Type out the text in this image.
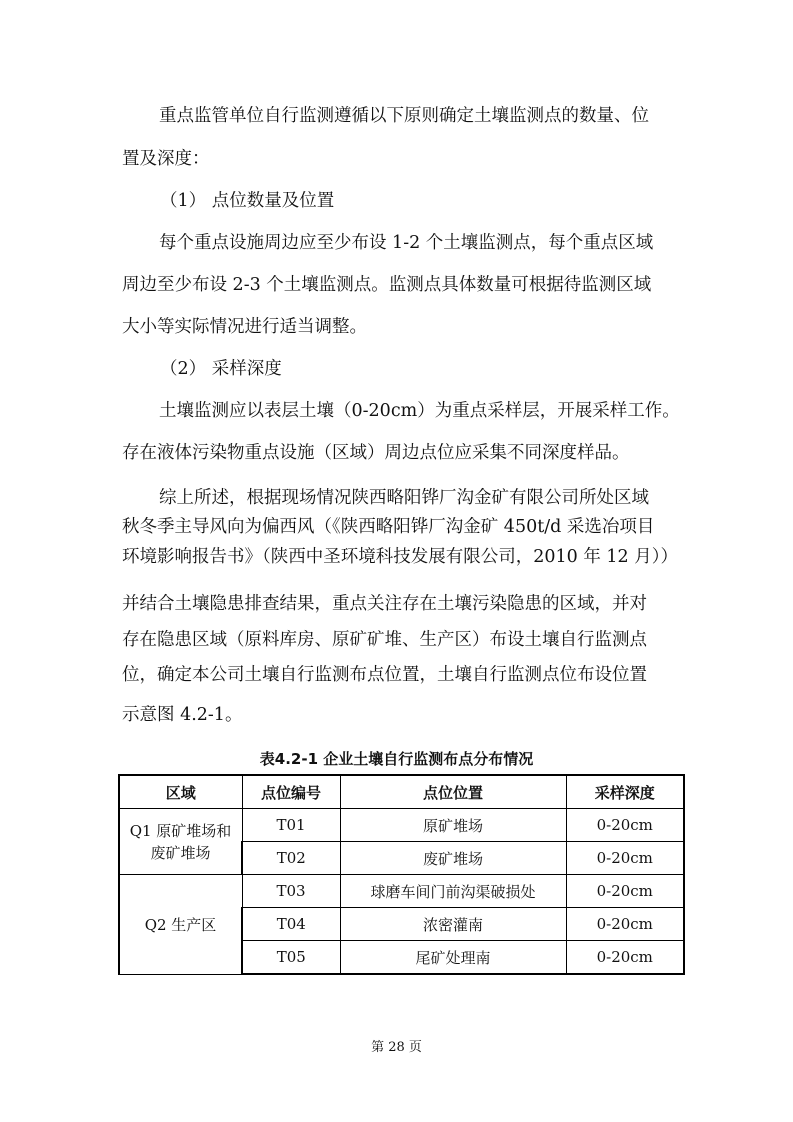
重点监管单位自行监测遵循以下原则确定土壤监测点的数量、位
置及深度：
（1） 点位数量及位置
每个重点设施周边应至少布设 1-2 个土壤监测点，每个重点区域
周边至少布设 2-3 个土壤监测点。监测点具体数量可根据待监测区域
大小等实际情况进行适当调整。
（2） 采样深度
土壤监测应以表层土壤（0-20cm）为重点采样层，开展采样工作。
存在液体污染物重点设施（区域）周边点位应采集不同深度样品。
综上所述，根据现场情况陕西略阳铧厂沟金矿有限公司所处区域
秋冬季主导风向为偏西风（《陕西略阳铧厂沟金矿 450t/d 采选冶项目
环境影响报告书》（陕西中圣环境科技发展有限公司，2010 年 12 月））
并结合土壤隐患排查结果，重点关注存在土壤污染隐患的区域，并对
存在隐患区域（原料库房、原矿矿堆、生产区）布设土壤自行监测点
位，确定本公司土壤自行监测布点位置，土壤自行监测点位布设位置
示意图 4.2-1。
表4.2-1 企业土壤自行监测布点分布情况
区域	点位编号	点位位置	采样深度

Q1 原矿堆场和
废矿堆场	T01	原矿堆场	0-20cm
	T02	废矿堆场	0-20cm
Q2 生产区	T03	球磨车间门前沟渠破损处	0-20cm
	T04	浓密灌南	0-20cm
	T05	尾矿处理南	0-20cm
第 28 页
